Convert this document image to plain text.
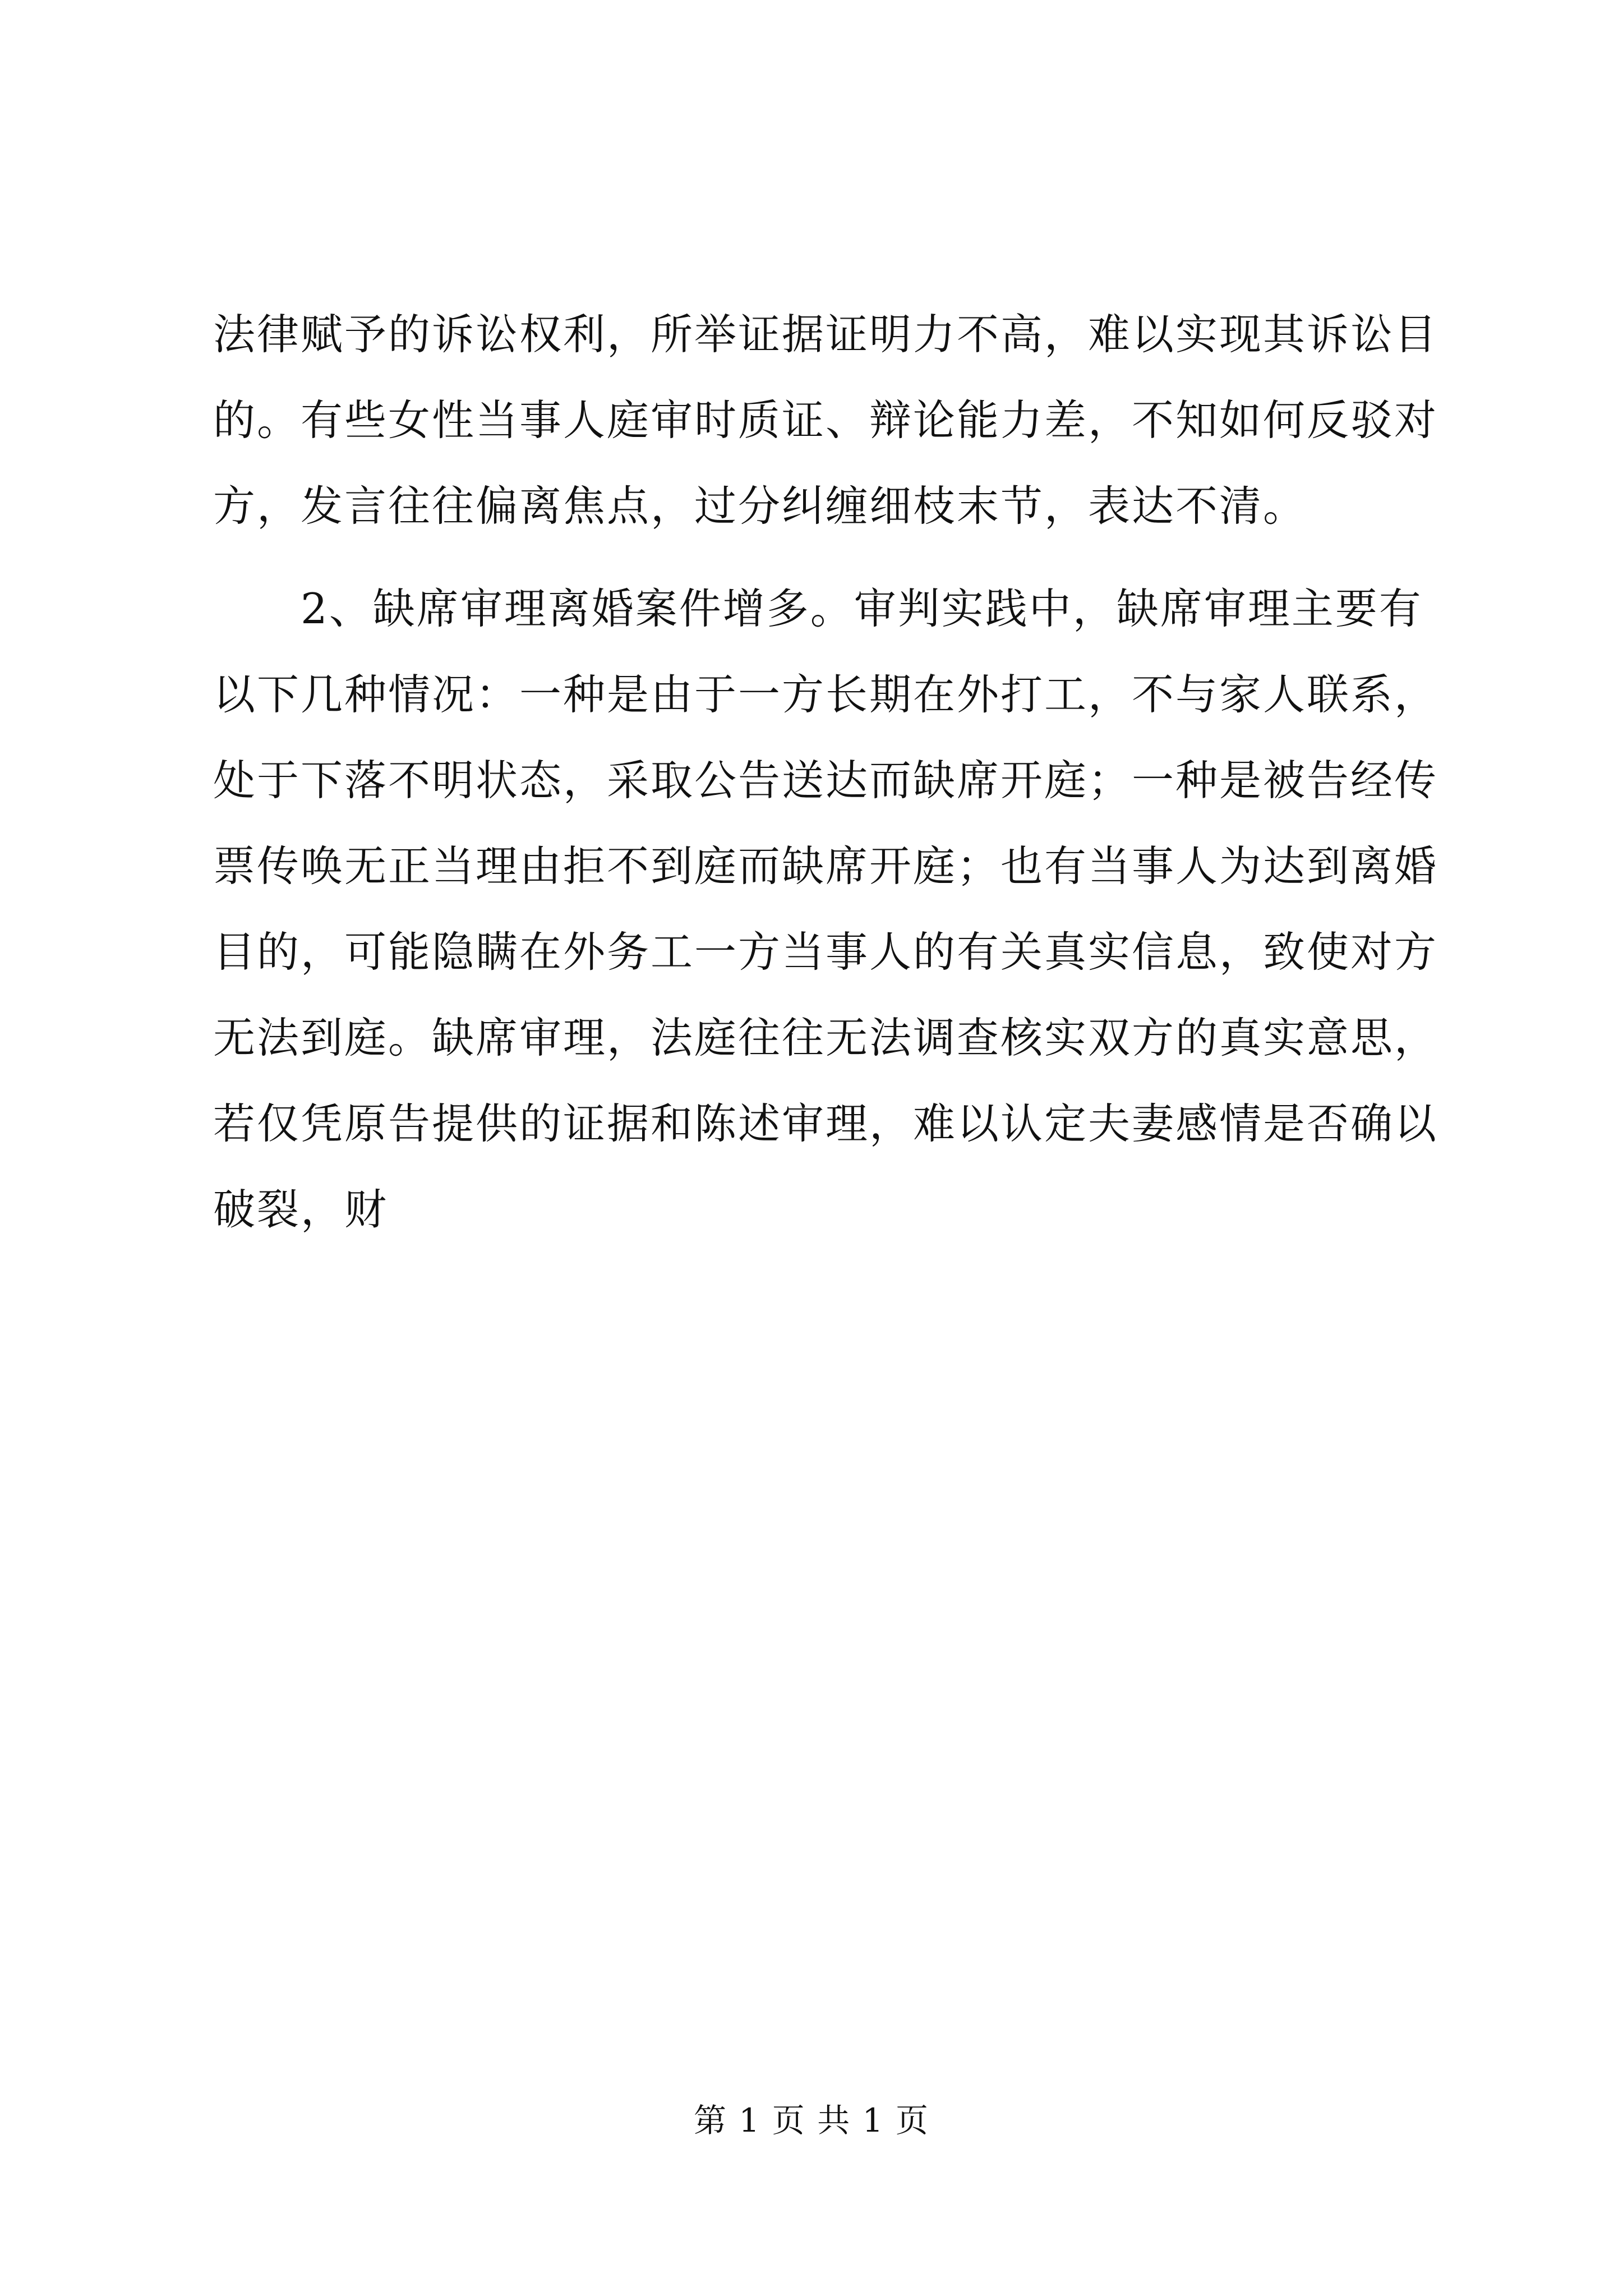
法律赋予的诉讼权利，所举证据证明力不高，难以实现其诉讼目
的。有些女性当事人庭审时质证、辩论能力差，不知如何反驳对
方，发言往往偏离焦点，过分纠缠细枝末节，表达不清。
　　2、缺席审理离婚案件增多。审判实践中，缺席审理主要有
以下几种情况：一种是由于一方长期在外打工，不与家人联系，
处于下落不明状态，采取公告送达而缺席开庭；一种是被告经传
票传唤无正当理由拒不到庭而缺席开庭；也有当事人为达到离婚
目的，可能隐瞒在外务工一方当事人的有关真实信息，致使对方
无法到庭。缺席审理，法庭往往无法调查核实双方的真实意思，
若仅凭原告提供的证据和陈述审理，难以认定夫妻感情是否确以
破裂，财
第 1 页 共 1 页
